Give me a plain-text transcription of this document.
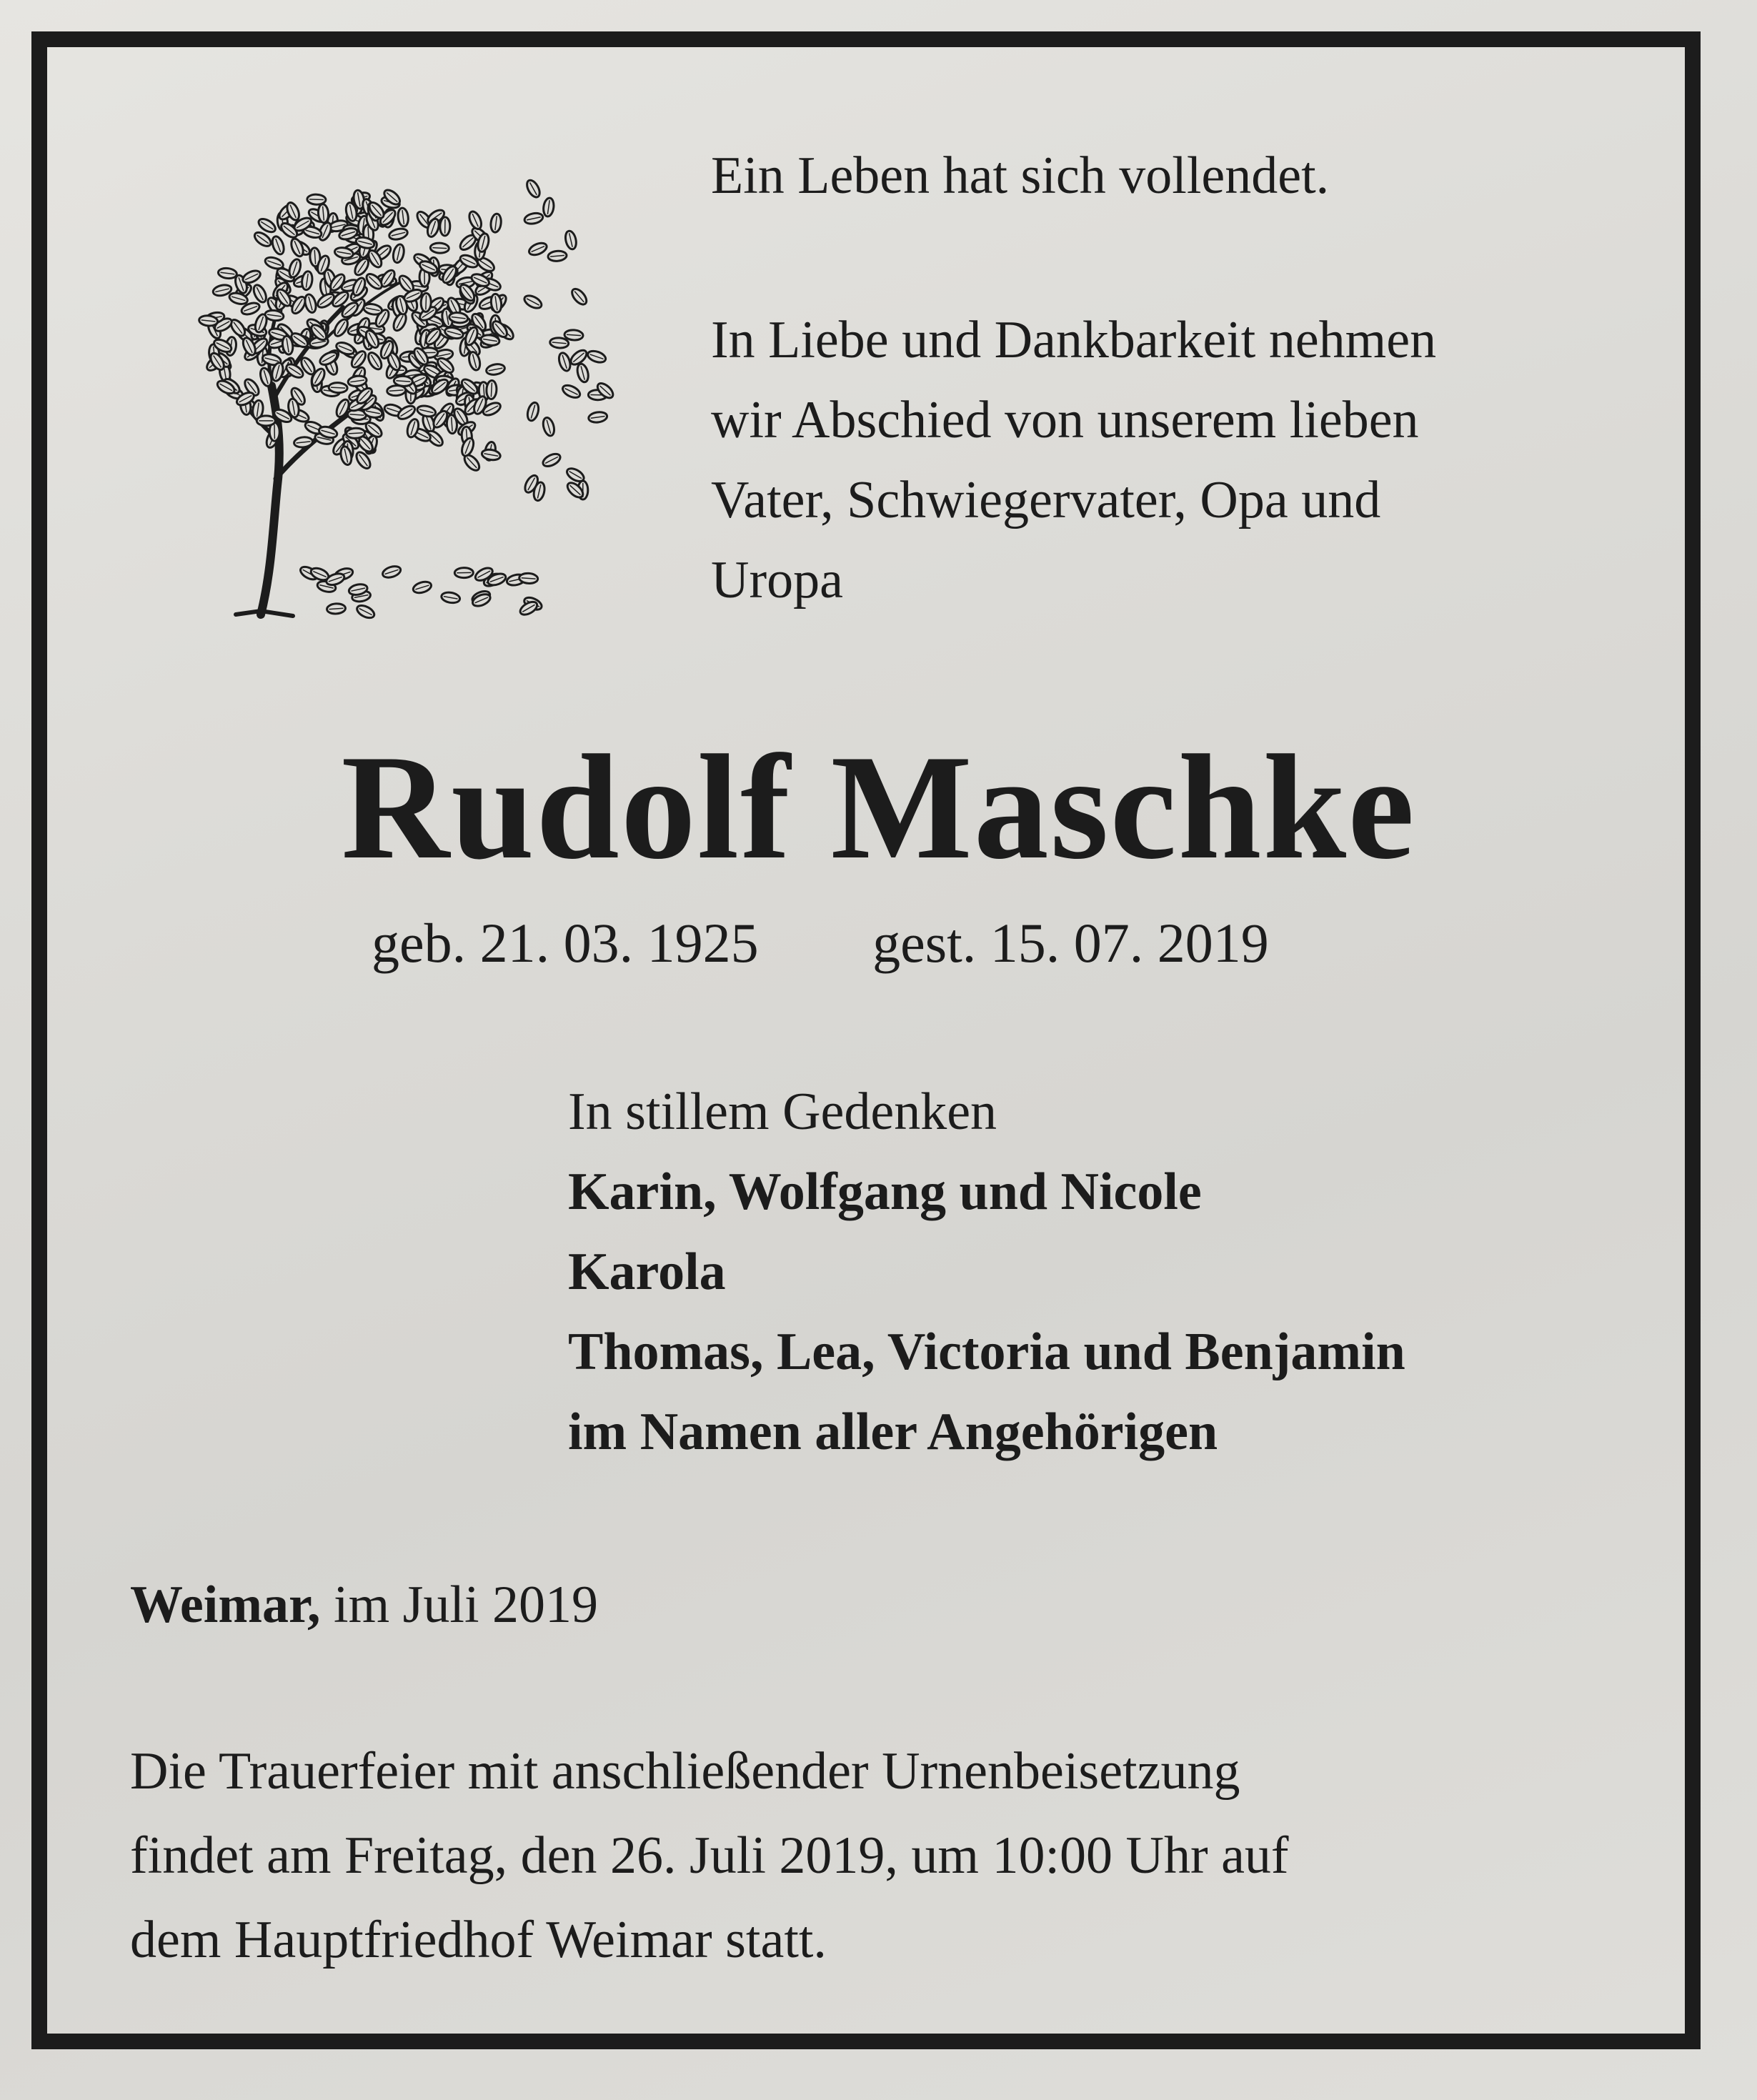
Ein Leben hat sich vollendet.

In Liebe und Dankbarkeit nehmen
wir Abschied von unserem lieben
Vater, Schwiegervater, Opa und
Uropa
Rudolf Maschke
geb. 21. 03. 1925 gest. 15. 07. 2019
In stillem Gedenken
Karin, Wolfgang und Nicole
Karola
Thomas, Lea, Victoria und Benjamin
im Namen aller Angehörigen
Weimar, im Juli 2019
Die Trauerfeier mit anschließender Urnenbeisetzung
findet am Freitag, den 26. Juli 2019, um 10:00 Uhr auf
dem Hauptfriedhof Weimar statt.
